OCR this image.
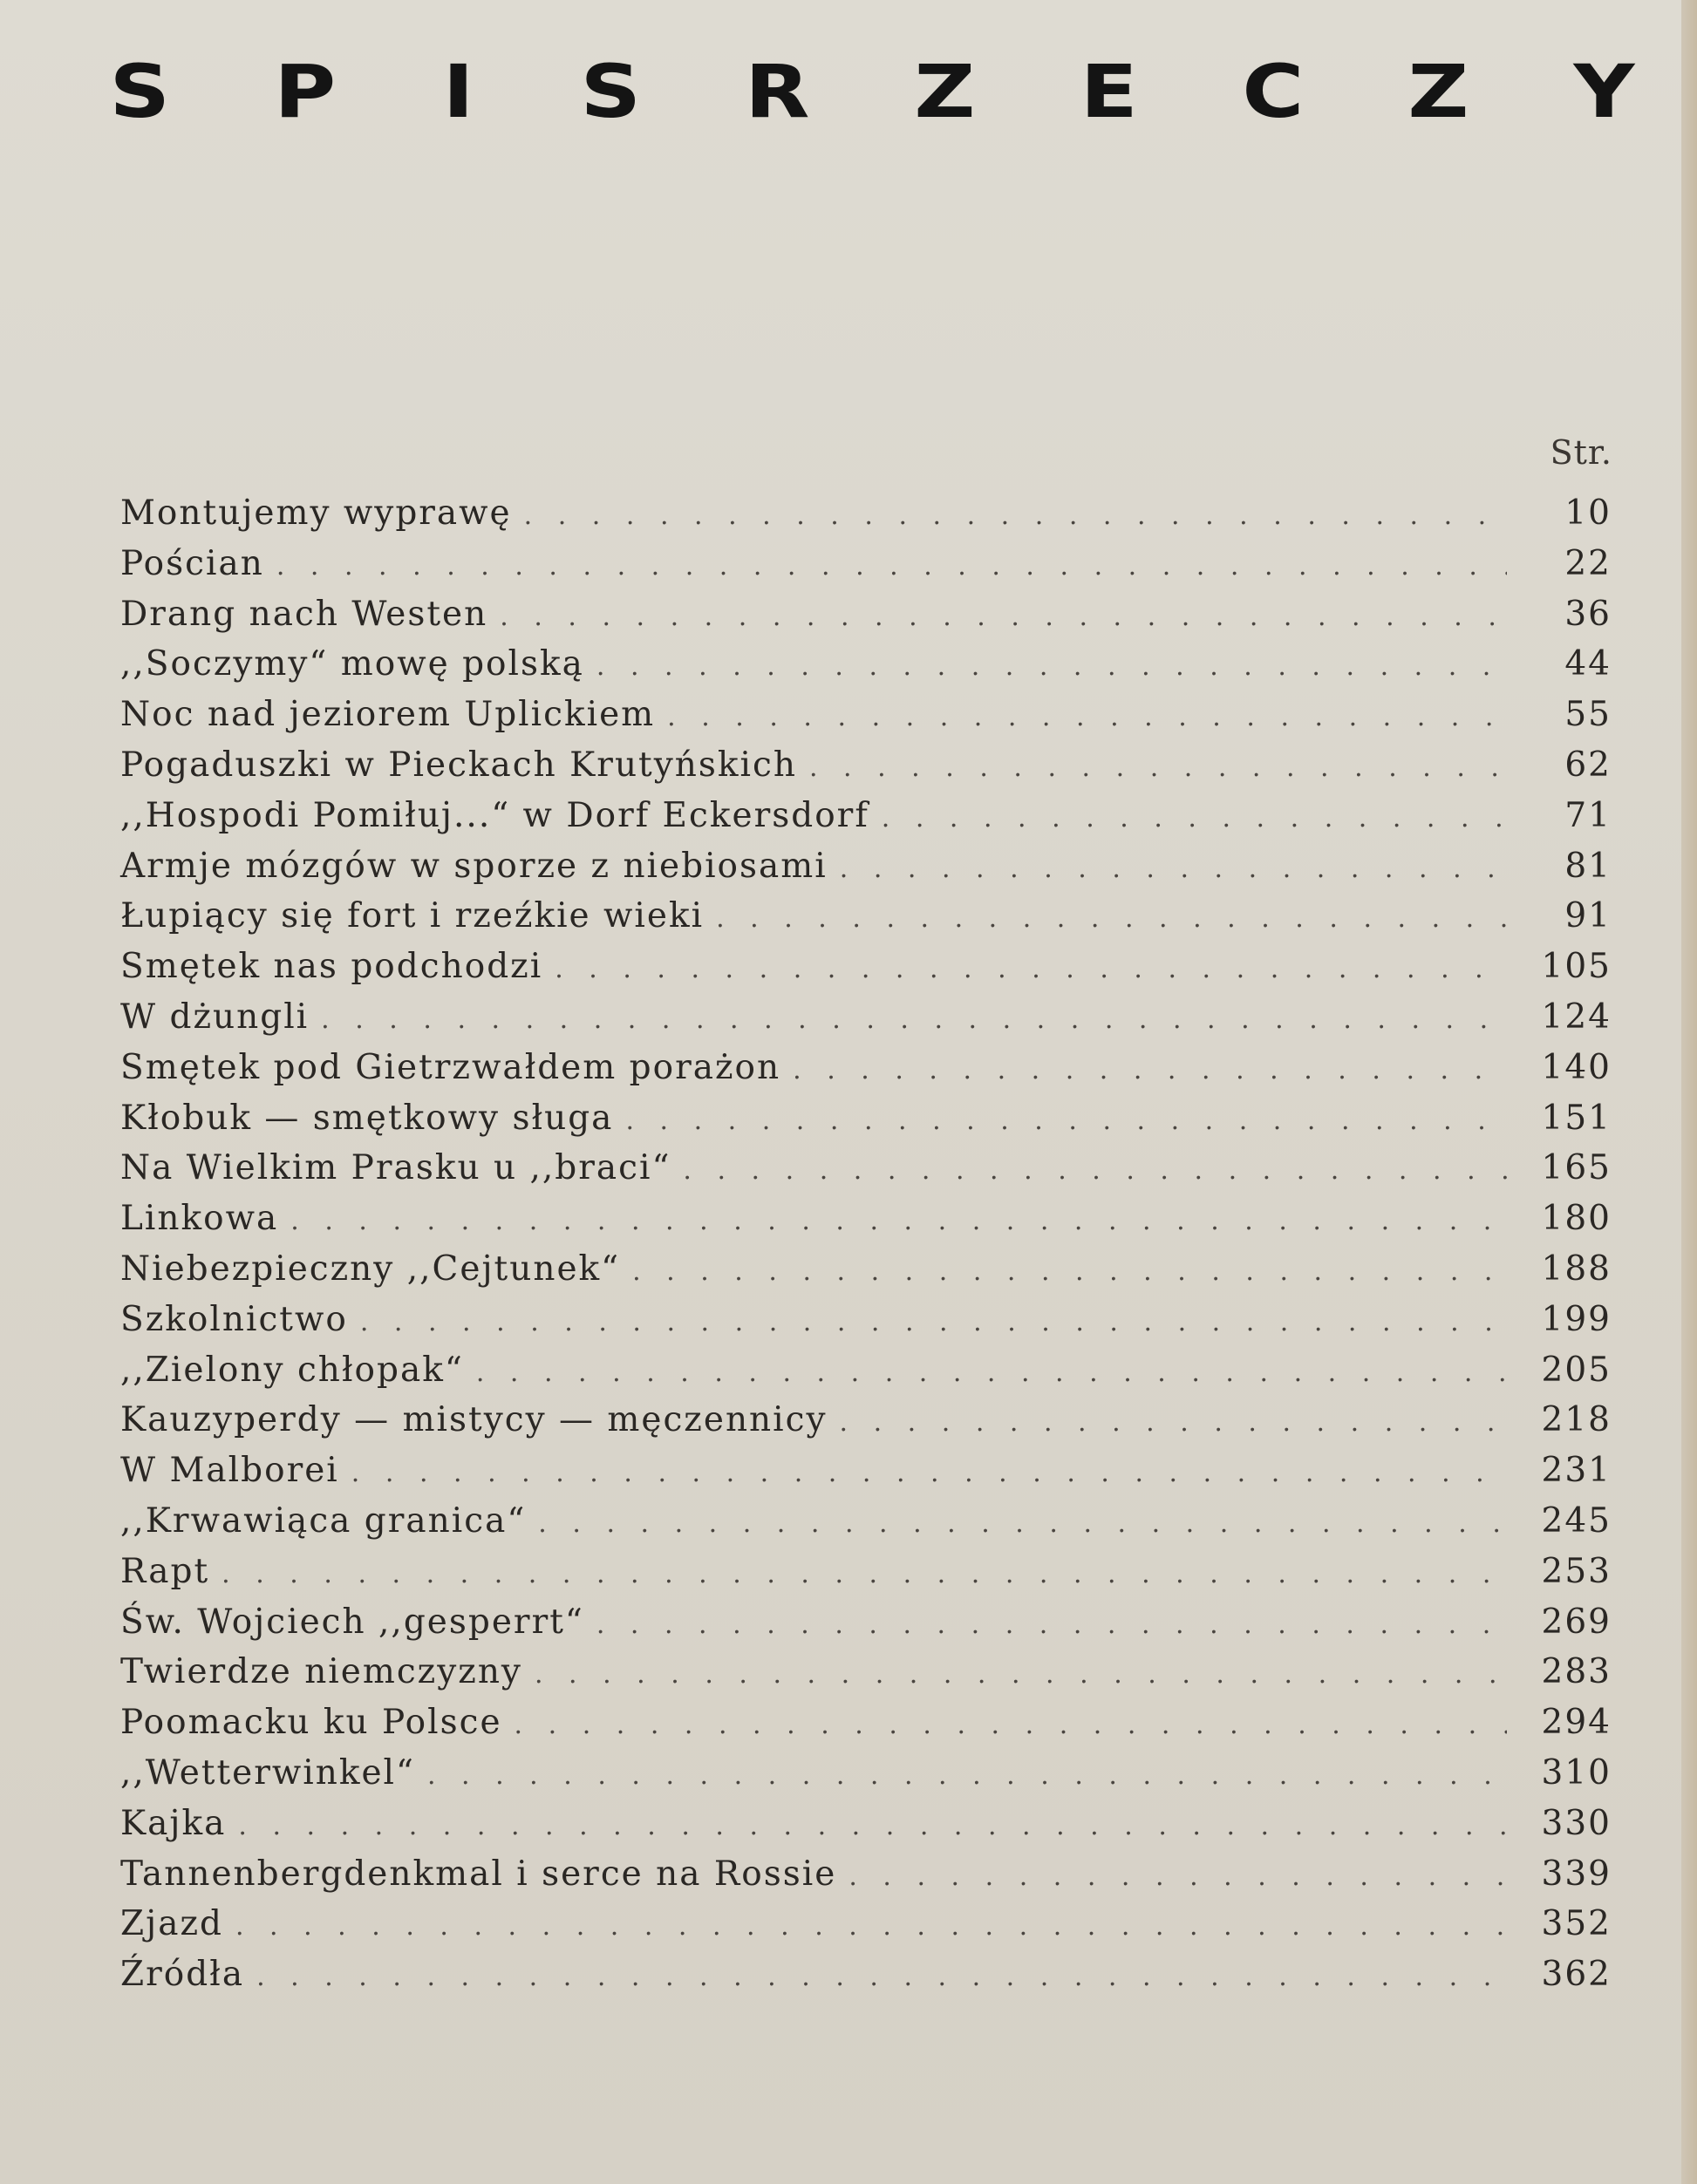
S P I S R Z E C Z Y
Str.
Montujemy wyprawę . . .	10
Pościan . . .	22
Drang nach Westen . . .	36
,,Soczymy“ mowę polską . . .	44
Noc nad jeziorem Uplickiem . . .	55
Pogaduszki w Pieckach Krutyńskich . . .	62
,,Hospodi Pomiłuj...“ w Dorf Eckersdorf . . .	71
Armje mózgów w sporze z niebiosami . . .	81
Łupiący się fort i rzeźkie wieki . . .	91
Smętek nas podchodzi . . .	105
W dżungli . . .	124
Smętek pod Gietrzwałdem porażon . . .	140
Kłobuk — smętkowy sługa . . .	151
Na Wielkim Prasku u ,,braci“ . . .	165
Linkowa . . .	180
Niebezpieczny ,,Cejtunek“ . . .	188
Szkolnictwo . . .	199
,,Zielony chłopak“ . . .	205
Kauzyperdy — mistycy — męczennicy . . .	218
W Malborei . . .	231
,,Krwawiąca granica“ . . .	245
Rapt . . .	253
Św. Wojciech ,,gesperrt“ . . .	269
Twierdze niemczyzny . . .	283
Poomacku ku Polsce . . .	294
,,Wetterwinkel“ . . .	310
Kajka . . .	330
Tannenbergdenkmal i serce na Rossie . . .	339
Zjazd . . .	352
Źródła . . .	362
